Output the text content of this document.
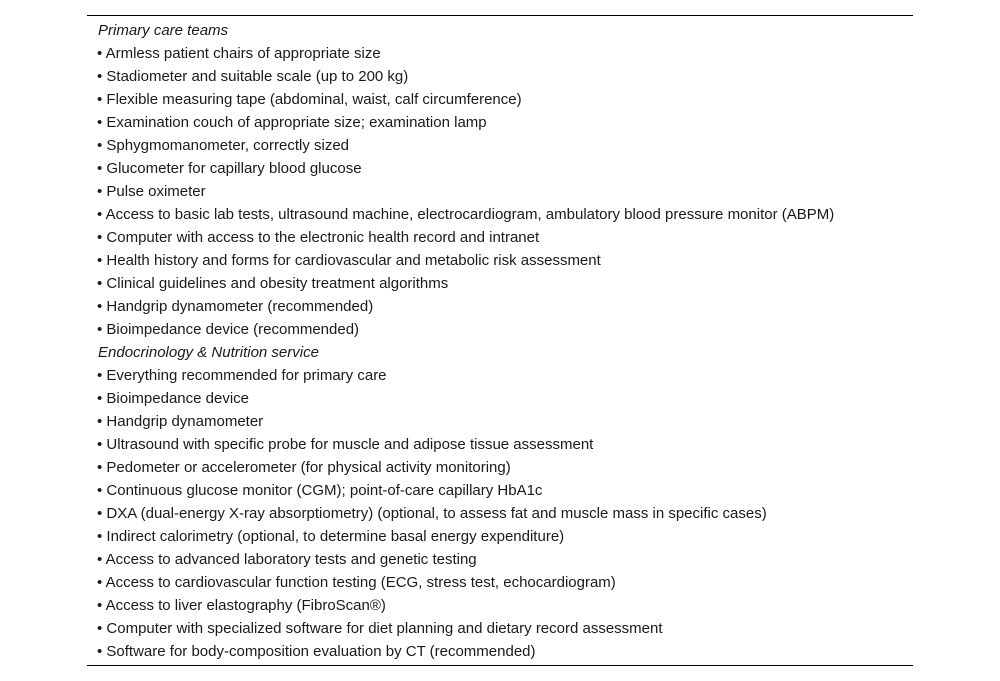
Primary care teams
• Armless patient chairs of appropriate size
• Stadiometer and suitable scale (up to 200 kg)
• Flexible measuring tape (abdominal, waist, calf circumference)
• Examination couch of appropriate size; examination lamp
• Sphygmomanometer, correctly sized
• Glucometer for capillary blood glucose
• Pulse oximeter
• Access to basic lab tests, ultrasound machine, electrocardiogram, ambulatory blood pressure monitor (ABPM)
• Computer with access to the electronic health record and intranet
• Health history and forms for cardiovascular and metabolic risk assessment
• Clinical guidelines and obesity treatment algorithms
• Handgrip dynamometer (recommended)
• Bioimpedance device (recommended)
Endocrinology & Nutrition service
• Everything recommended for primary care
• Bioimpedance device
• Handgrip dynamometer
• Ultrasound with specific probe for muscle and adipose tissue assessment
• Pedometer or accelerometer (for physical activity monitoring)
• Continuous glucose monitor (CGM); point-of-care capillary HbA1c
• DXA (dual-energy X-ray absorptiometry) (optional, to assess fat and muscle mass in specific cases)
• Indirect calorimetry (optional, to determine basal energy expenditure)
• Access to advanced laboratory tests and genetic testing
• Access to cardiovascular function testing (ECG, stress test, echocardiogram)
• Access to liver elastography (FibroScan®)
• Computer with specialized software for diet planning and dietary record assessment
• Software for body-composition evaluation by CT (recommended)
